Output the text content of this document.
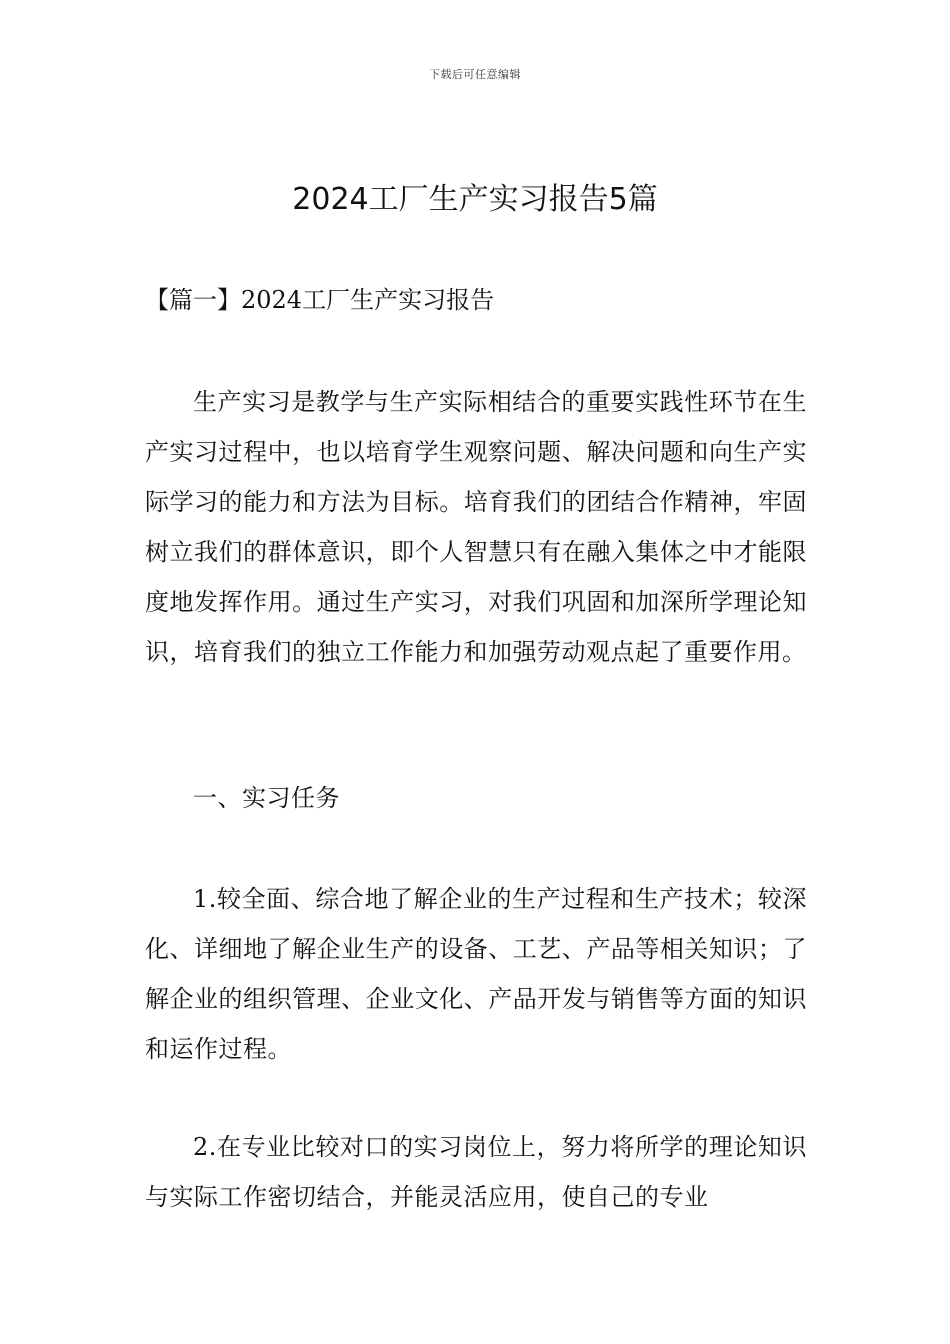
下载后可任意编辑
2024工厂生产实习报告5篇
【篇一】2024工厂生产实习报告

生产实习是教学与生产实际相结合的重要实践性环节在生产实习过程中，也以培育学生观察问题、解决问题和向生产实际学习的能力和方法为目标。培育我们的团结合作精神，牢固树立我们的群体意识，即个人智慧只有在融入集体之中才能限度地发挥作用。通过生产实习，对我们巩固和加深所学理论知识，培育我们的独立工作能力和加强劳动观点起了重要作用。

一、实习任务

1.较全面、综合地了解企业的生产过程和生产技术；较深化、详细地了解企业生产的设备、工艺、产品等相关知识；了解企业的组织管理、企业文化、产品开发与销售等方面的知识和运作过程。

2.在专业比较对口的实习岗位上，努力将所学的理论知识与实际工作密切结合，并能灵活应用，使自己的专业
